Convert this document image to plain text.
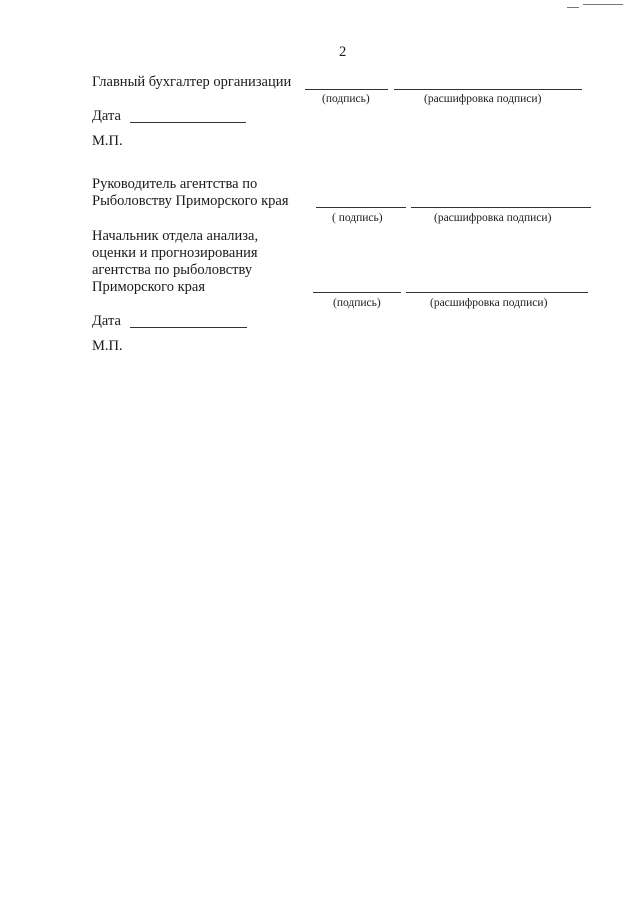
2
Главный бухгалтер организации
(подпись)	(расшифровка подписи)
Дата
М.П.
Руководитель агентства по
Рыболовству Приморского края
( подпись)	(расшифровка подписи)
Начальник отдела анализа,
оценки и прогнозирования
агентства по рыболовству
Приморского края
(подпись)	(расшифровка подписи)
Дата
М.П.
